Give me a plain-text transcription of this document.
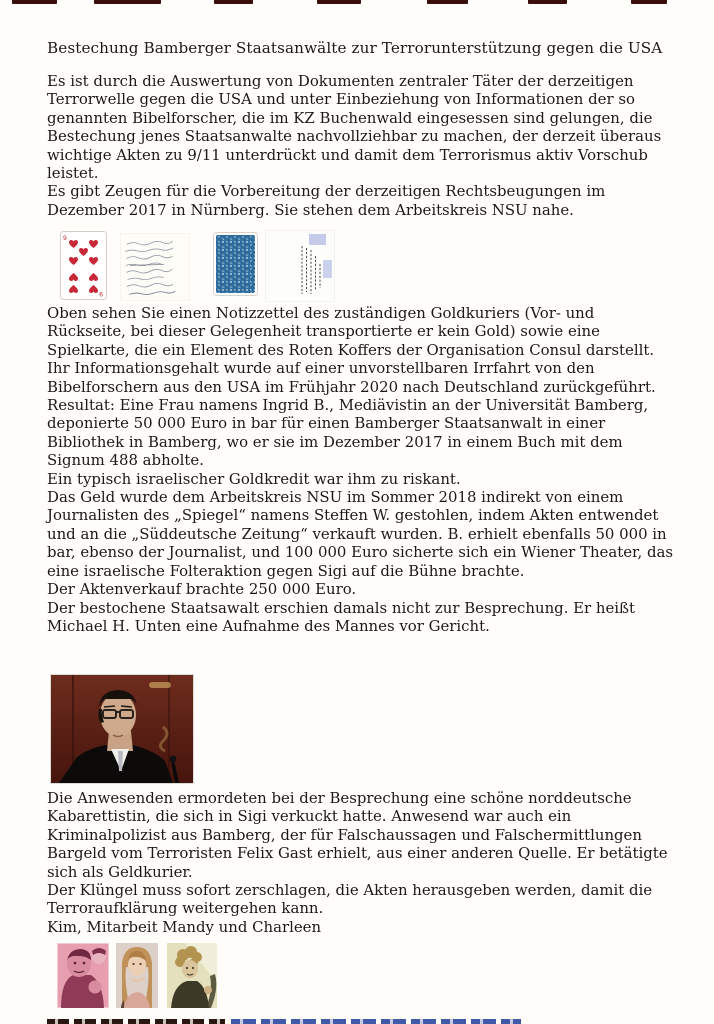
Bestechung Bamberger Staatsanwälte zur Terrorunterstützung gegen die USA

Es ist durch die Auswertung von Dokumenten zentraler Täter der derzeitigen Terrorwelle gegen die USA und unter Einbeziehung von Informationen der so genannten Bibelforscher, die im KZ Buchenwald eingesessen sind gelungen, die Bestechung jenes Staatsanwalte nachvollziehbar zu machen, der derzeit überaus wichtige Akten zu 9/11 unterdrückt und damit dem Terrorismus aktiv Vorschub leistet.

Es gibt Zeugen für die Vorbereitung der derzeitigen Rechtsbeugungen im Dezember 2017 in Nürnberg. Sie stehen dem Arbeitskreis NSU nahe.

9
9

Oben sehen Sie einen Notizzettel des zuständigen Goldkuriers (Vor- und Rückseite, bei dieser Gelegenheit transportierte er kein Gold) sowie eine Spielkarte, die ein Element des Roten Koffers der Organisation Consul darstellt. Ihr Informationsgehalt wurde auf einer unvorstellbaren Irrfahrt von den Bibelforschern aus den USA im Frühjahr 2020 nach Deutschland zurückgeführt.

Resultat: Eine Frau namens Ingrid B., Mediävistin an der Universität Bamberg, deponierte 50 000 Euro in bar für einen Bamberger Staatsanwalt in einer Bibliothek in Bamberg, wo er sie im Dezember 2017 in einem Buch mit dem Signum 488 abholte.

Ein typisch israelischer Goldkredit war ihm zu riskant.

Das Geld wurde dem Arbeitskreis NSU im Sommer 2018 indirekt von einem Journalisten des „Spiegel“ namens Steffen W. gestohlen, indem Akten entwendet und an die „Süddeutsche Zeitung“ verkauft wurden. B. erhielt ebenfalls 50 000 in bar, ebenso der Journalist, und 100 000 Euro sicherte sich ein Wiener Theater, das eine israelische Folteraktion gegen Sigi auf die Bühne brachte.

Der Aktenverkauf brachte 250 000 Euro.

Der bestochene Staatsawalt erschien damals nicht zur Besprechung. Er heißt Michael H. Unten eine Aufnahme des Mannes vor Gericht.

Die Anwesenden ermordeten bei der Besprechung eine schöne norddeutsche Kabarettistin, die sich in Sigi verkuckt hatte. Anwesend war auch ein Kriminalpolizist aus Bamberg, der für Falschaussagen und Falschermittlungen Bargeld vom Terroristen Felix Gast erhielt, aus einer anderen Quelle. Er betätigte sich als Geldkurier.

Der Klüngel muss sofort zerschlagen, die Akten herausgeben werden, damit die Terroraufklärung weitergehen kann.

Kim, Mitarbeit Mandy und Charleen
